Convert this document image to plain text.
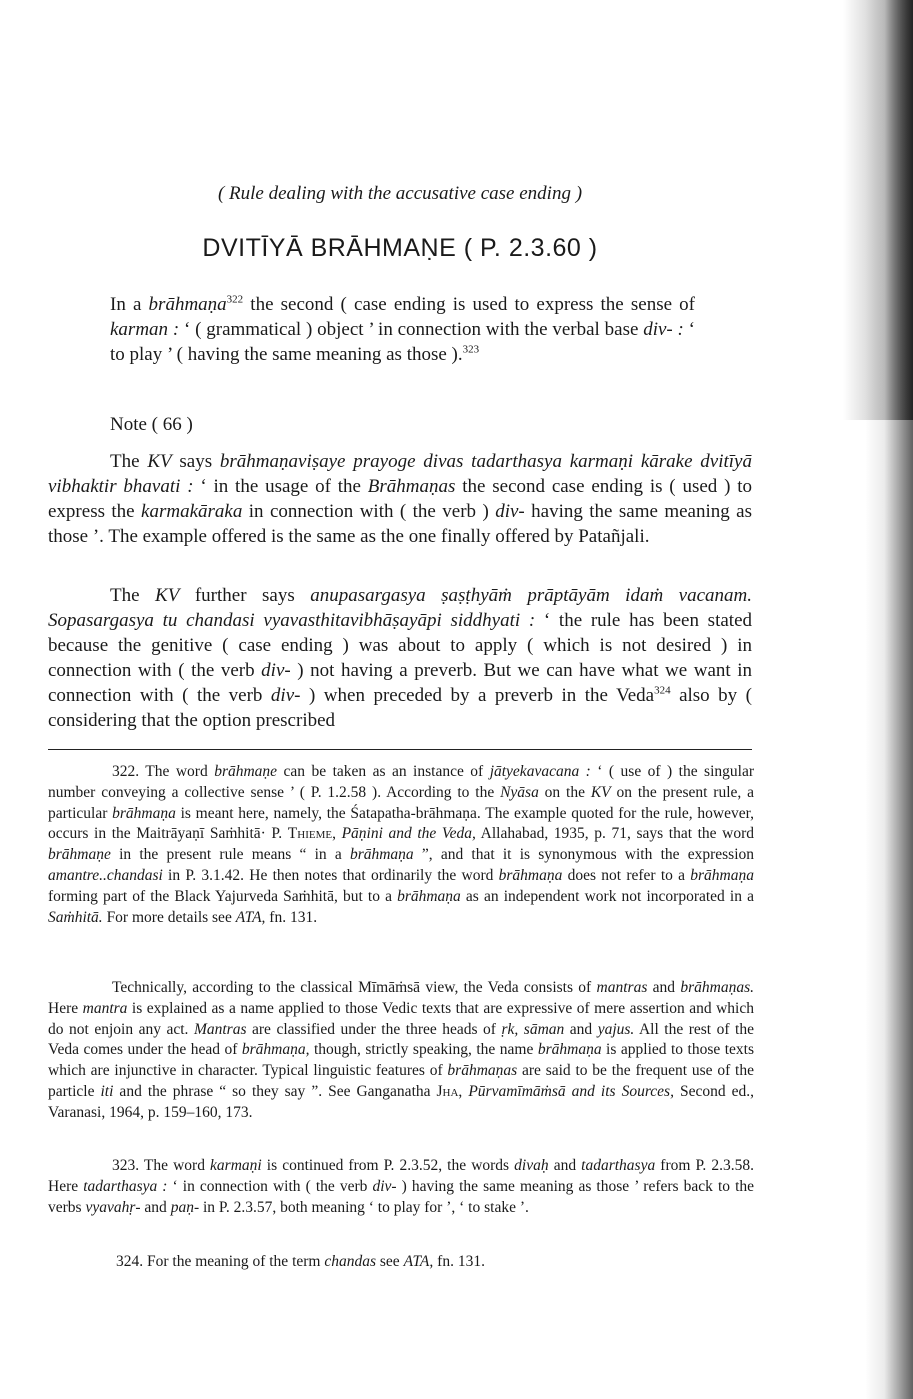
( Rule dealing with the accusative case ending )
DVITĪYĀ BRĀHMAṆE ( P. 2.3.60 )
In a brāhmaṇa$^{322}$ the second ( case ending is used to express the sense of karman : ‘ ( grammatical ) object ’ in connection with the verbal base div- : ‘ to play ’ ( having the same meaning as those ).$^{323}$
Note ( 66 )
The KV says brāhmaṇaviṣaye prayoge divas tadarthasya karmaṇi kārake dvitīyā vibhaktir bhavati : ‘ in the usage of the Brāhmaṇas the second case ending is ( used ) to express the karmakāraka in connection with ( the verb ) div- having the same meaning as those ’. The example offered is the same as the one finally offered by Patañjali.
The KV further says anupasargasya ṣaṣṭhyāṁ prāptāyām idaṁ vacanam. Sopasargasya tu chandasi vyavasthitavibhāṣayāpi siddhyati : ‘ the rule has been stated because the genitive ( case ending ) was about to apply ( which is not desired ) in connection with ( the verb div- ) not having a preverb. But we can have what we want in connection with ( the verb div- ) when preceded by a preverb in the Veda$^{324}$ also by ( considering that the option prescribed

322. The word brāhmaṇe can be taken as an instance of jātyekavacana : ‘ ( use of ) the singular number conveying a collective sense ’ ( P. 1.2.58 ). According to the Nyāsa on the KV on the present rule, a particular brāhmaṇa is meant here, namely, the Śatapatha-brāhmaṇa. The example quoted for the rule, however, occurs in the Maitrāyaṇī Saṁhitā· P. Thieme, Pāṇini and the Veda, Allahabad, 1935, p. 71, says that the word brāhmaṇe in the present rule means “ in a brāhmaṇa ”, and that it is synonymous with the expression amantre..chandasi in P. 3.1.42. He then notes that ordinarily the word brāhmaṇa does not refer to a brāhmaṇa forming part of the Black Yajurveda Saṁhitā, but to a brāhmaṇa as an independent work not incorporated in a Saṁhitā. For more details see ATA, fn. 131.

Technically, according to the classical Mīmāṁsā view, the Veda consists of mantras and brāhmaṇas. Here mantra is explained as a name applied to those Vedic texts that are expressive of mere assertion and which do not enjoin any act. Mantras are classified under the three heads of ṛk, sāman and yajus. All the rest of the Veda comes under the head of brāhmaṇa, though, strictly speaking, the name brāhmaṇa is applied to those texts which are injunctive in character. Typical linguistic features of brāhmaṇas are said to be the frequent use of the particle iti and the phrase “ so they say ”. See Ganganatha Jha, Pūrvamīmāṁsā and its Sources, Second ed., Varanasi, 1964, p. 159–160, 173.

323. The word karmaṇi is continued from P. 2.3.52, the words divaḥ and tadarthasya from P. 2.3.58. Here tadarthasya : ‘ in connection with ( the verb div- ) having the same meaning as those ’ refers back to the verbs vyavahṛ- and paṇ- in P. 2.3.57, both meaning ‘ to play for ’, ‘ to stake ’.

324. For the meaning of the term chandas see ATA, fn. 131.
